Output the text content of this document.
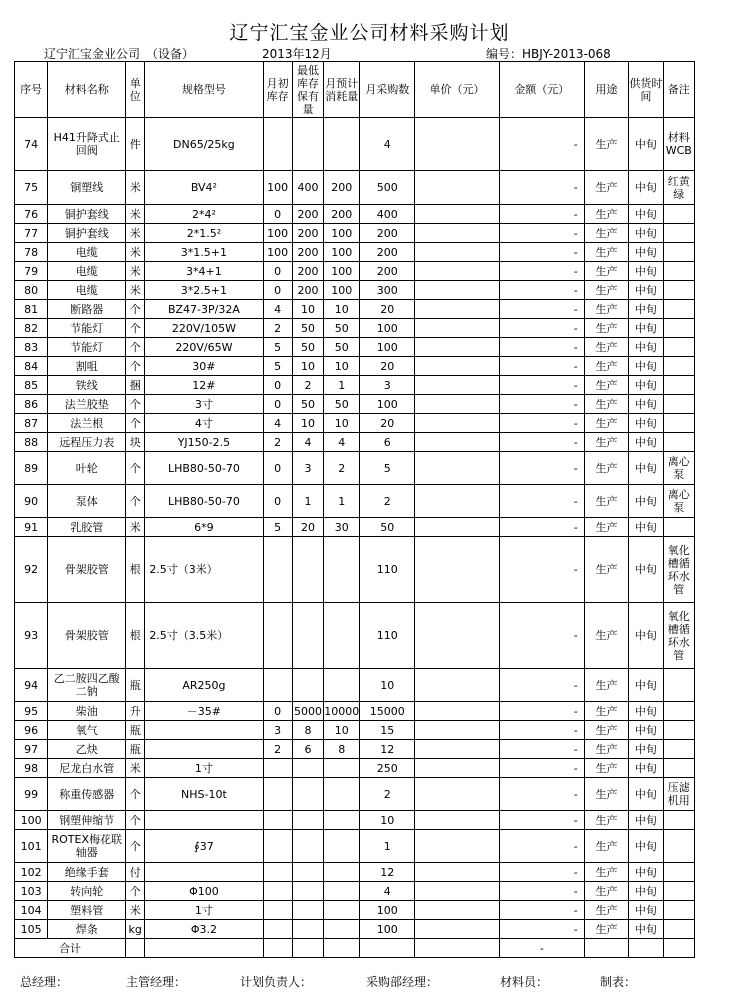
辽宁汇宝金业公司材料采购计划
辽宁汇宝金业公司　（设备）	2013年12月	编号：HBJY-2013-068
序号	材料名称	单位	规格型号	月初库存	最低库存保有量	月预计消耗量	月采购数	单价（元）	金额（元）	用途	供货时间	备注
74	H41升降式止回阀	件	DN65/25kg				4		-	生产	中旬	材料WCB
75	铜塑线	米	BV4²	100	400	200	500		-	生产	中旬	红黄绿
76	铜护套线	米	2*4²	0	200	200	400		-	生产	中旬	
77	铜护套线	米	2*1.5²	100	200	100	200		-	生产	中旬	
78	电缆	米	3*1.5+1	100	200	100	200		-	生产	中旬	
79	电缆	米	3*4+1	0	200	100	200		-	生产	中旬	
80	电缆	米	3*2.5+1	0	200	100	300		-	生产	中旬	
81	断路器	个	BZ47-3P/32A	4	10	10	20		-	生产	中旬	
82	节能灯	个	220V/105W	2	50	50	100		-	生产	中旬	
83	节能灯	个	220V/65W	5	50	50	100		-	生产	中旬	
84	割咀	个	30#	5	10	10	20		-	生产	中旬	
85	铁线	捆	12#	0	2	1	3		-	生产	中旬	
86	法兰胶垫	个	3寸	0	50	50	100		-	生产	中旬	
87	法兰根	个	4寸	4	10	10	20		-	生产	中旬	
88	远程压力表	块	YJ150-2.5	2	4	4	6		-	生产	中旬	
89	叶轮	个	LHB80-50-70	0	3	2	5		-	生产	中旬	离心泵
90	泵体	个	LHB80-50-70	0	1	1	2		-	生产	中旬	离心泵
91	乳胶管	米	6*9	5	20	30	50		-	生产	中旬	
92	骨架胶管	根	2.5寸（3米）				110		-	生产	中旬	氧化槽循环水管
93	骨架胶管	根	2.5寸（3.5米）				110		-	生产	中旬	氧化槽循环水管
94	乙二胺四乙酸二钠	瓶	AR250g				10		-	生产	中旬	
95	柴油	升	－35#	0	5000	10000	15000		-	生产	中旬	
96	氧气	瓶		3	8	10	15		-	生产	中旬	
97	乙炔	瓶		2	6	8	12		-	生产	中旬	
98	尼龙白水管	米	1寸				250		-	生产	中旬	
99	称重传感器	个	NHS-10t				2		-	生产	中旬	压滤机用
100	钢塑伸缩节	个					10		-	生产	中旬	
101	ROTEX梅花联轴器	个	∮37				1		-	生产	中旬	
102	绝缘手套	付					12		-	生产	中旬	
103	转向轮	个	Φ100				4		-	生产	中旬	
104	塑料管	米	1寸				100		-	生产	中旬	
105	焊条	kg	Φ3.2				100		-	生产	中旬	
合计									-			
总经理：	主管经理：	计划负责人：	采购部经理：	材料员：	制表：
